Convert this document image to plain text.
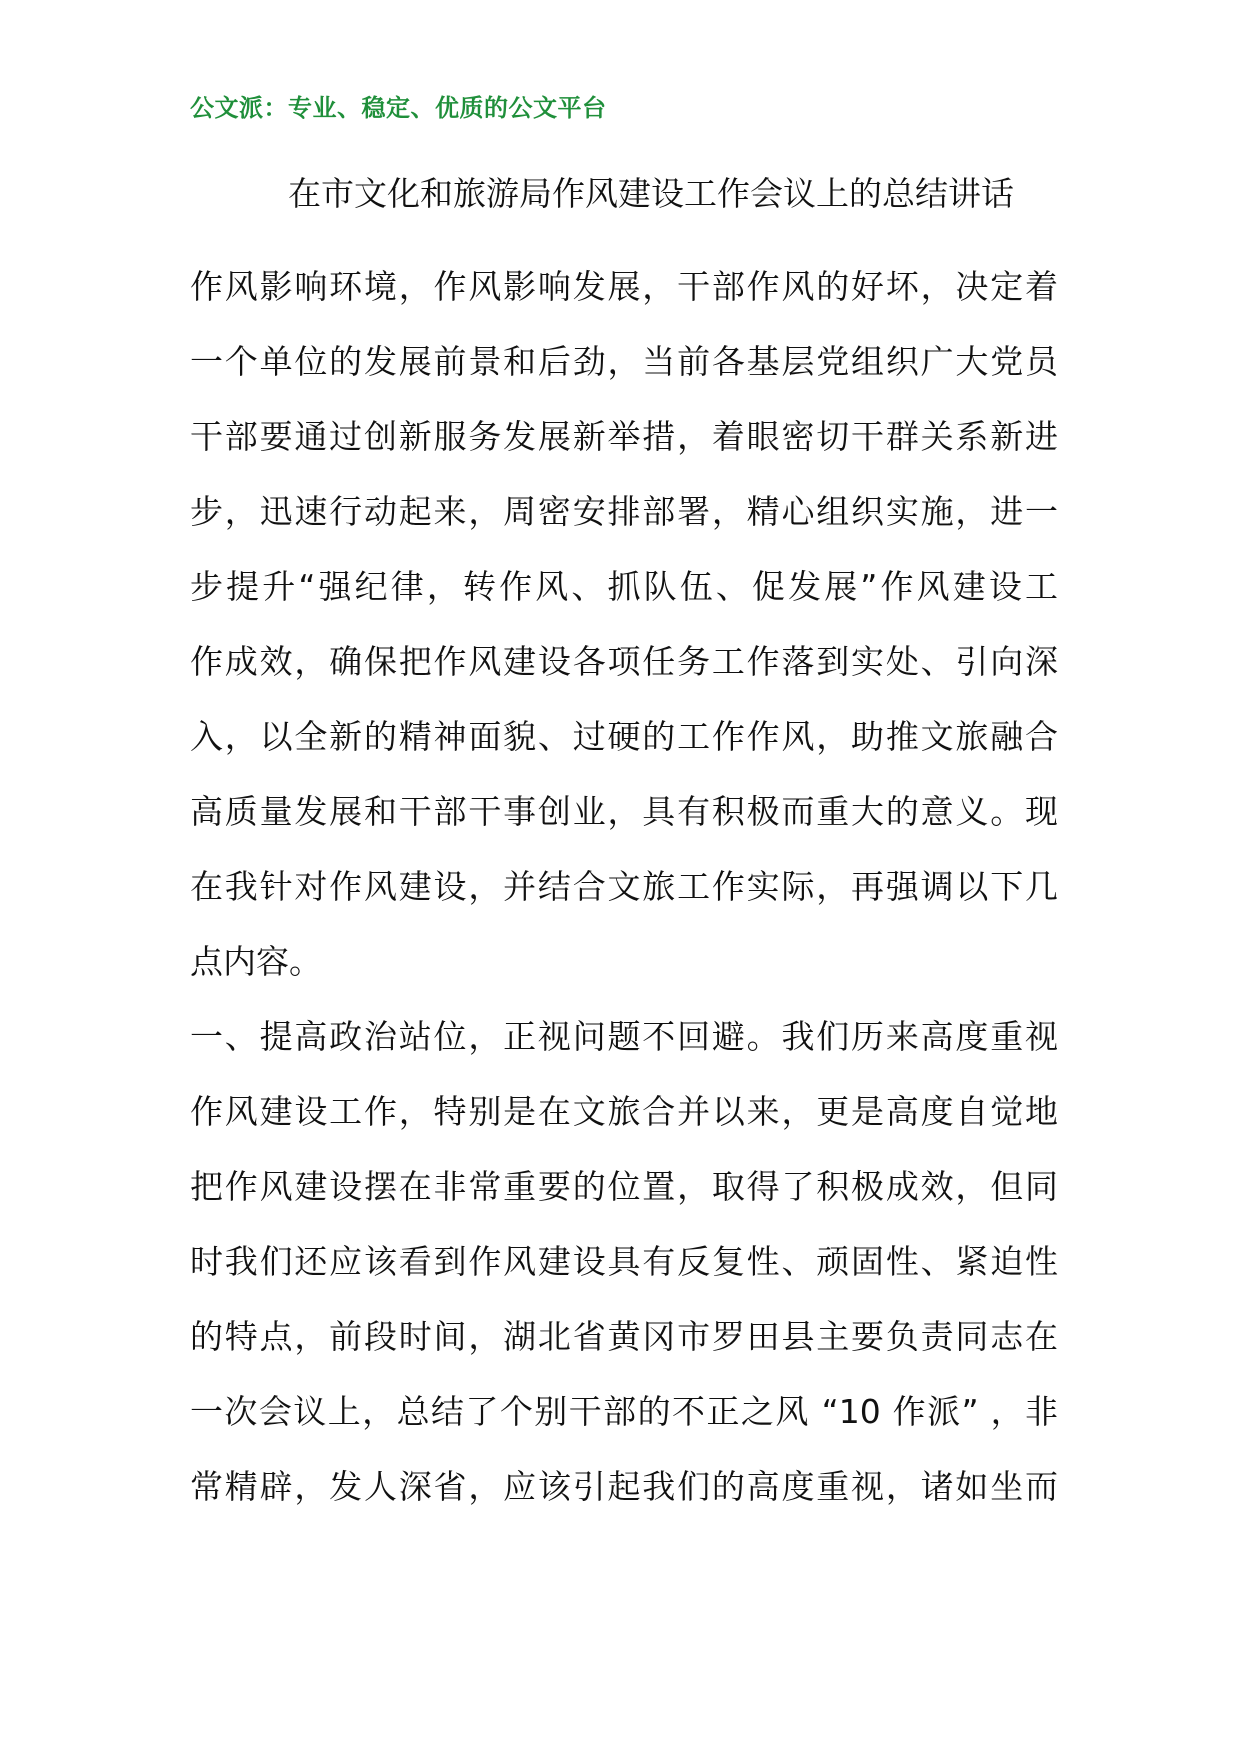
公文派：专业、稳定、优质的公文平台
在市文化和旅游局作风建设工作会议上的总结讲话
作风影响环境，作风影响发展，干部作风的好坏，决定着
一个单位的发展前景和后劲，当前各基层党组织广大党员
干部要通过创新服务发展新举措，着眼密切干群关系新进
步，迅速行动起来，周密安排部署，精心组织实施，进一
步提升“强纪律，转作风、抓队伍、促发展”作风建设工
作成效，确保把作风建设各项任务工作落到实处、引向深
入，以全新的精神面貌、过硬的工作作风，助推文旅融合
高质量发展和干部干事创业，具有积极而重大的意义。现
在我针对作风建设，并结合文旅工作实际，再强调以下几
点内容。
一、提高政治站位，正视问题不回避。我们历来高度重视
作风建设工作，特别是在文旅合并以来，更是高度自觉地
把作风建设摆在非常重要的位置，取得了积极成效，但同
时我们还应该看到作风建设具有反复性、顽固性、紧迫性
的特点，前段时间，湖北省黄冈市罗田县主要负责同志在
一次会议上，总结了个别干部的不正之风 “10 作派” ，非
常精辟，发人深省，应该引起我们的高度重视，诸如坐而
